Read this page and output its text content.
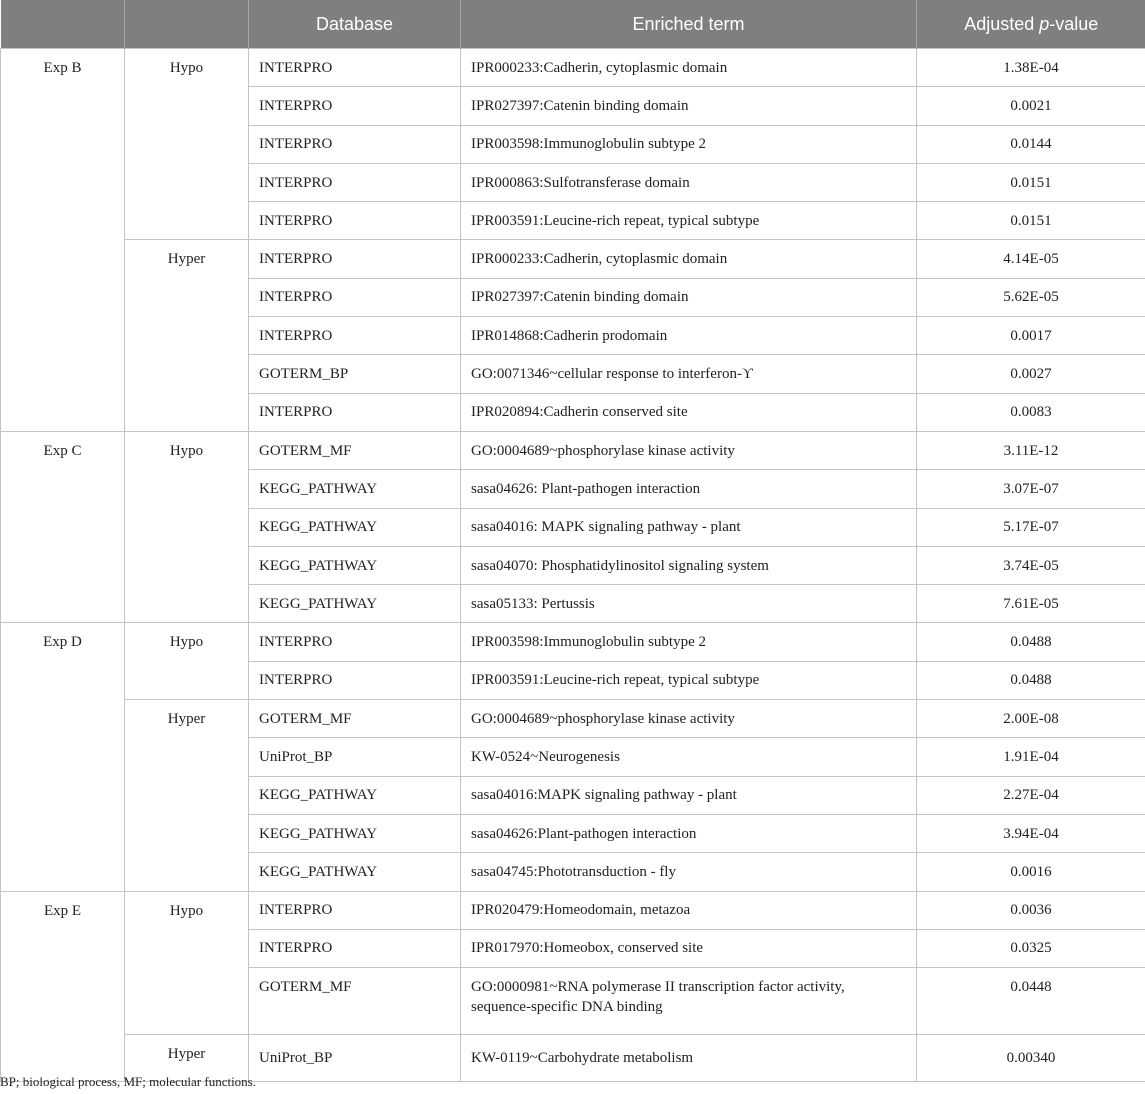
		Database	Enriched term	Adjusted p-value
Exp B	Hypo	INTERPRO	IPR000233:Cadherin, cytoplasmic domain	1.38E-04
		INTERPRO	IPR027397:Catenin binding domain	0.0021
		INTERPRO	IPR003598:Immunoglobulin subtype 2	0.0144
		INTERPRO	IPR000863:Sulfotransferase domain	0.0151
		INTERPRO	IPR003591:Leucine-rich repeat, typical subtype	0.0151
	Hyper	INTERPRO	IPR000233:Cadherin, cytoplasmic domain	4.14E-05
		INTERPRO	IPR027397:Catenin binding domain	5.62E-05
		INTERPRO	IPR014868:Cadherin prodomain	0.0017
		GOTERM_BP	GO:0071346~cellular response to interferon-ϒ	0.0027
		INTERPRO	IPR020894:Cadherin conserved site	0.0083
Exp C	Hypo	GOTERM_MF	GO:0004689~phosphorylase kinase activity	3.11E-12
		KEGG_PATHWAY	sasa04626: Plant-pathogen interaction	3.07E-07
		KEGG_PATHWAY	sasa04016: MAPK signaling pathway - plant	5.17E-07
		KEGG_PATHWAY	sasa04070: Phosphatidylinositol signaling system	3.74E-05
		KEGG_PATHWAY	sasa05133: Pertussis	7.61E-05
Exp D	Hypo	INTERPRO	IPR003598:Immunoglobulin subtype 2	0.0488
		INTERPRO	IPR003591:Leucine-rich repeat, typical subtype	0.0488
	Hyper	GOTERM_MF	GO:0004689~phosphorylase kinase activity	2.00E-08
		UniProt_BP	KW-0524~Neurogenesis	1.91E-04
		KEGG_PATHWAY	sasa04016:MAPK signaling pathway - plant	2.27E-04
		KEGG_PATHWAY	sasa04626:Plant-pathogen interaction	3.94E-04
		KEGG_PATHWAY	sasa04745:Phototransduction - fly	0.0016
Exp E	Hypo	INTERPRO	IPR020479:Homeodomain, metazoa	0.0036
		INTERPRO	IPR017970:Homeobox, conserved site	0.0325
		GOTERM_MF	GO:0000981~RNA polymerase II transcription factor activity, sequence-specific DNA binding	0.0448
	Hyper	UniProt_BP	KW-0119~Carbohydrate metabolism	0.00340
BP; biological process, MF; molecular functions.
